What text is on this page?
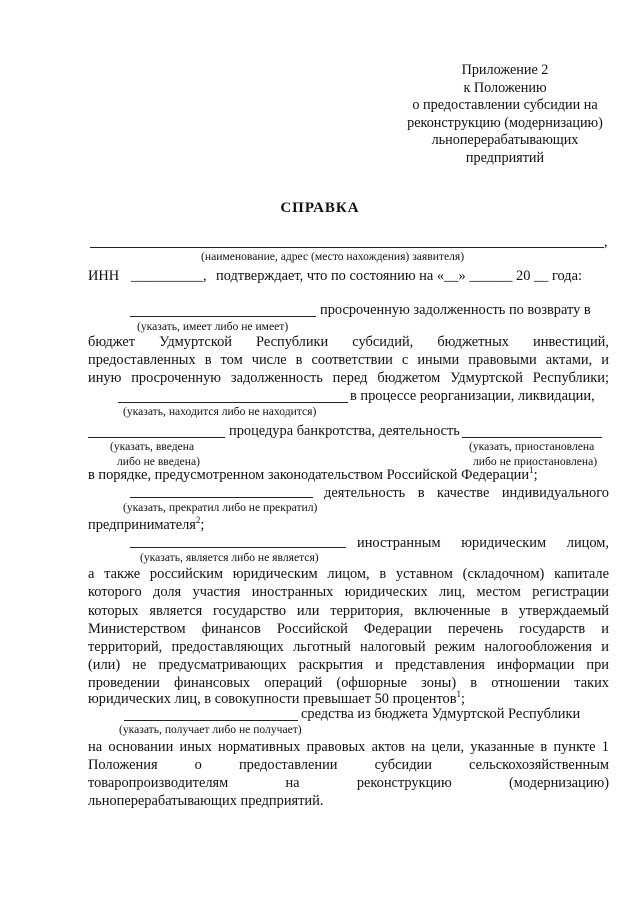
Приложение 2
к Положению
о предоставлении субсидии на
реконструкцию (модернизацию)
льноперерабатывающих
предприятий
СПРАВКА
,
(наименование, адрес (место нахождения) заявителя)
ИНН __________, подтверждает, что по состоянию на «__» ______ 20 __ года:
просроченную задолженность по возврату в
(указать, имеет либо не имеет)
бюджет Удмуртской Республики субсидий, бюджетных инвестиций,
предоставленных в том числе в соответствии с иными правовыми актами, и
иную просроченную задолженность перед бюджетом Удмуртской Республики;
в процессе реорганизации, ликвидации,
(указать, находится либо не находится)
процедура банкротства, деятельность
(указать, введена
либо не введена)
(указать, приостановлена
либо не приостановлена)
в порядке, предусмотренном законодательством Российской Федерации$^1$;
деятельность в качестве индивидуального
(указать, прекратил либо не прекратил)
предпринимателя$^2$;
иностранным юридическим лицом,
(указать, является либо не является)
а также российским юридическим лицом, в уставном (складочном) капитале
которого доля участия иностранных юридических лиц, местом регистрации
которых является государство или территория, включенные в утверждаемый
Министерством финансов Российской Федерации перечень государств и
территорий, предоставляющих льготный налоговый режим налогообложения и
(или) не предусматривающих раскрытия и представления информации при
проведении финансовых операций (офшорные зоны) в отношении таких
юридических лиц, в совокупности превышает 50 процентов$^1$;
средства из бюджета Удмуртской Республики
(указать, получает либо не получает)
на основании иных нормативных правовых актов на цели, указанные в пункте 1
Положения о предоставлении субсидии сельскохозяйственным
товаропроизводителям на реконструкцию (модернизацию)
льноперерабатывающих предприятий.
